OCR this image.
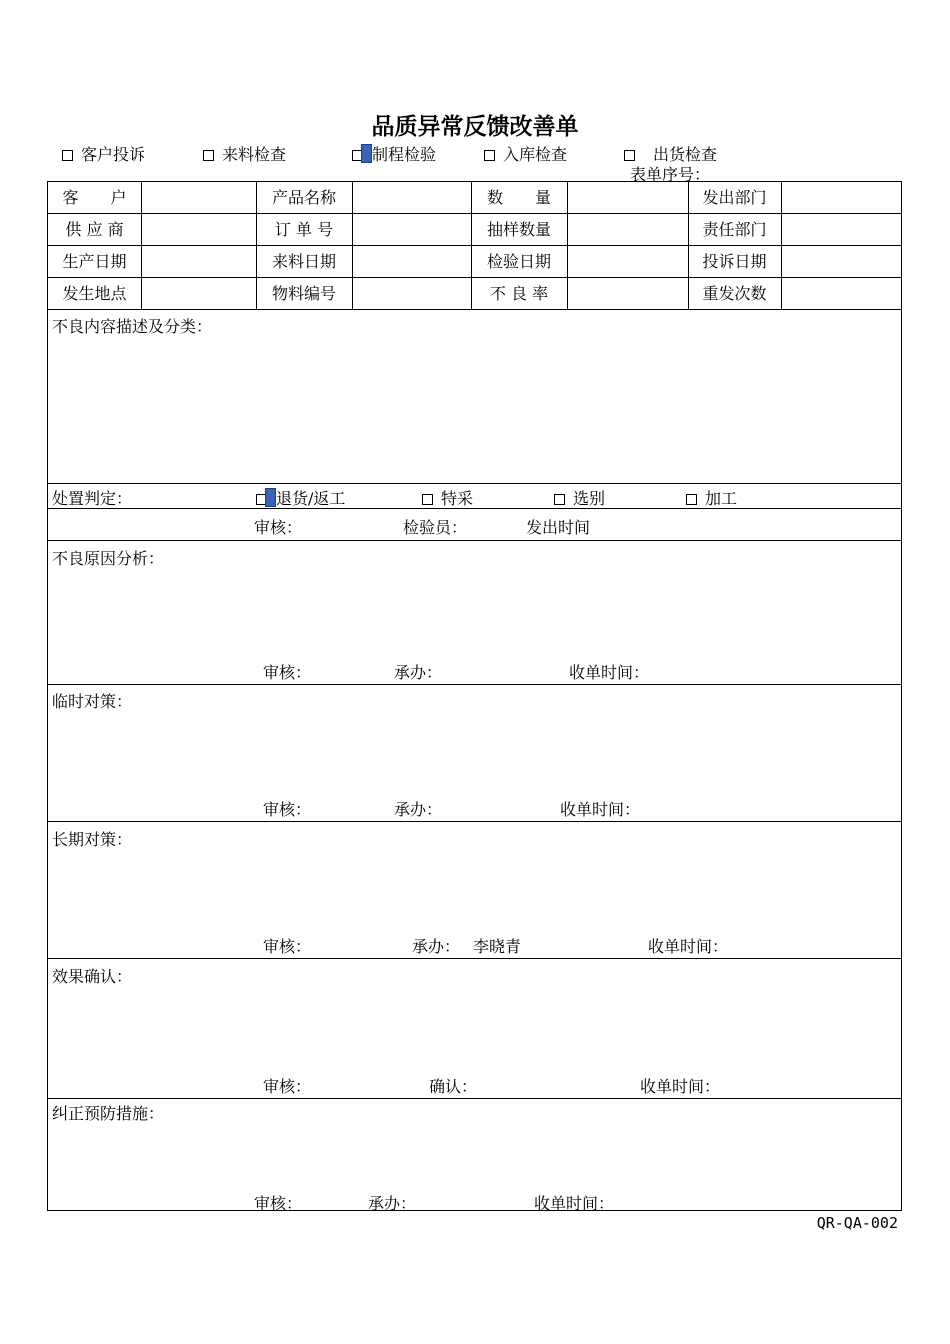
品质异常反馈改善单
客户投诉	来料检查	制程检验	入库检查	出货检查
表单序号：
客　　户	产品名称	数　　量	发出部门
供 应 商	订 单 号	抽样数量	责任部门
生产日期	来料日期	检验日期	投诉日期
发生地点	物料编号	不 良 率	重发次数
不良内容描述及分类：
处置判定：	退货/返工	特采	选别	加工
审核：	检验员：	发出时间
不良原因分析：
审核：	承办：	收单时间：
临时对策：
审核：	承办：	收单时间：
长期对策：
审核：	承办： 李晓青	收单时间：
效果确认：
审核：	确认：	收单时间：
纠正预防措施：
审核：	承办：	收单时间：
QR-QA-002
